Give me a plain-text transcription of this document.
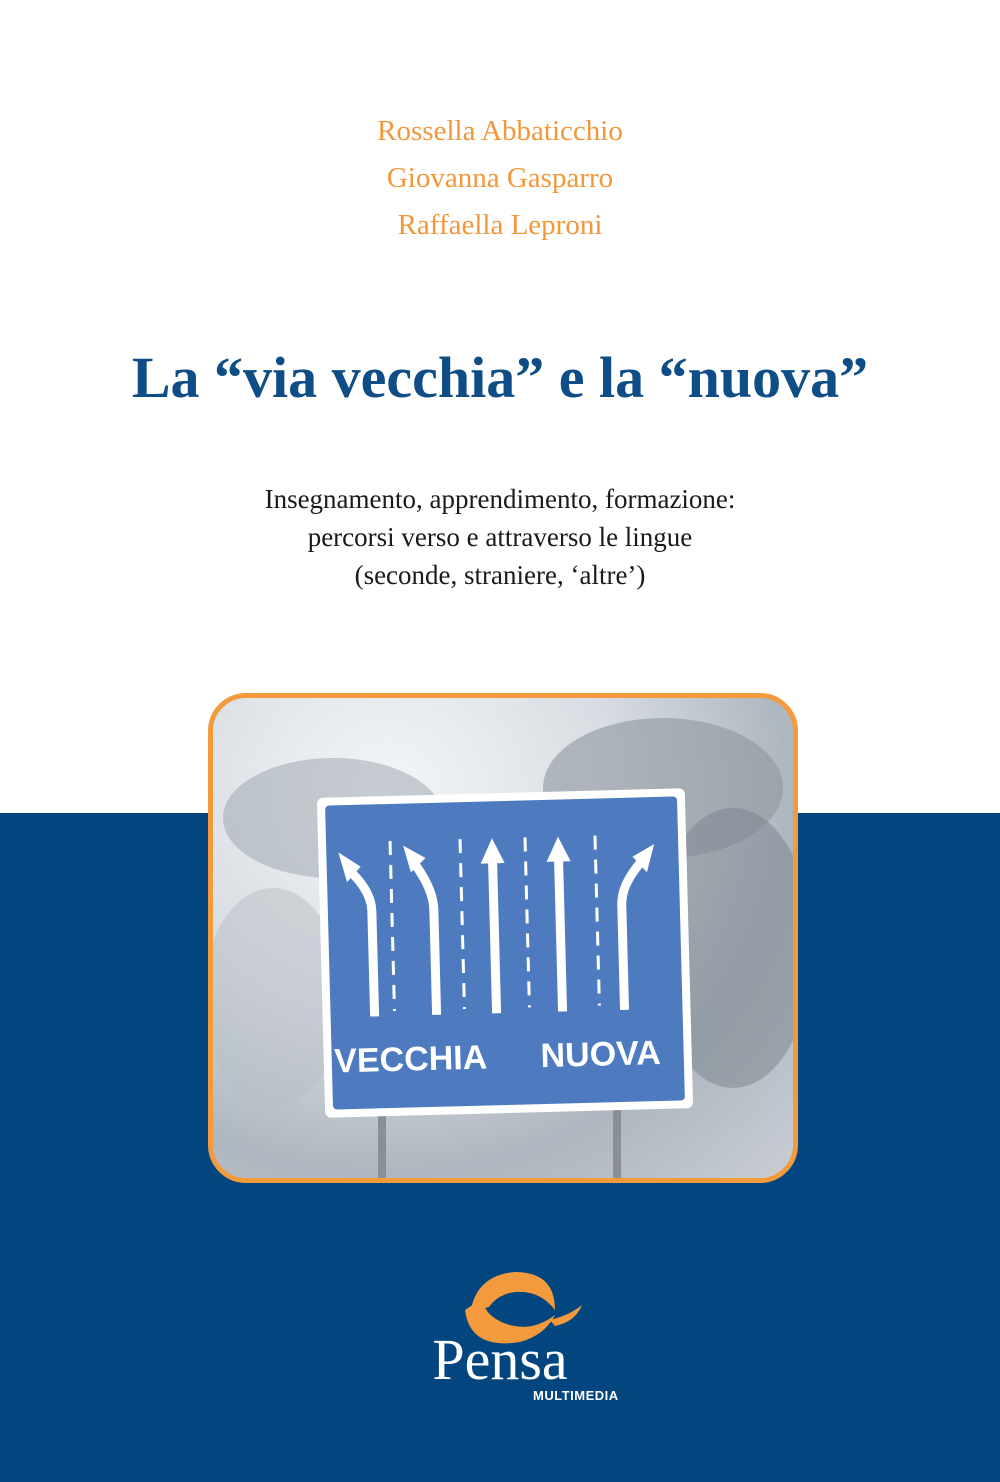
Rossella Abbaticchio
Giovanna Gasparro
Raffaella Leproni
La “via vecchia” e la “nuova”
Insegnamento, apprendimento, formazione:
percorsi verso e attraverso le lingue
(seconde, straniere, ‘altre’)
VECCHIA NUOVA
Pensa
MULTIMEDIA
